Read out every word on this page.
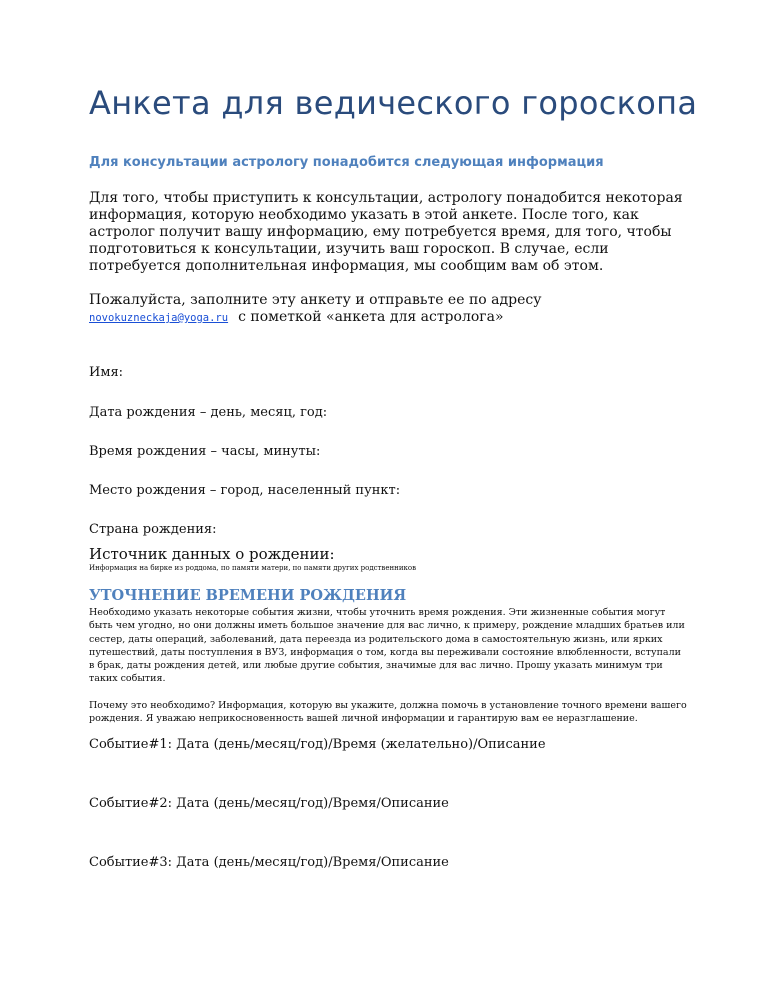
Анкета для ведического гороскопа
Для консультации астрологу понадобится следующая информация

Для того, чтобы приступить к консультации, астрологу понадобится некоторая информация, которую необходимо указать в этой анкете. После того, как астролог получит вашу информацию, ему потребуется время, для того, чтобы подготовиться к консультации, изучить ваш гороскоп. В случае, если потребуется дополнительная информация, мы сообщим вам об этом.

Пожалуйста, заполните эту анкету и отправьте ее по адресу
novokuzneckaja@yoga.ru с пометкой «анкета для астролога»

Имя:

Дата рождения – день, месяц, год:

Время рождения – часы, минуты:

Место рождения – город, населенный пункт:

Страна рождения:

Источник данных о рождении:

Информация на бирке из роддома, по памяти матери, по памяти других родственников

УТОЧНЕНИЕ ВРЕМЕНИ РОЖДЕНИЯ

Необходимо указать некоторые события жизни, чтобы уточнить время рождения. Эти жизненные события могут быть чем угодно, но они должны иметь большое значение для вас лично, к примеру, рождение младших братьев или сестер, даты операций, заболеваний, дата переезда из родительского дома в самостоятельную жизнь, или ярких путешествий, даты поступления в ВУЗ, информация о том, когда вы переживали состояние влюбленности, вступали в брак, даты рождения детей, или любые другие события, значимые для вас лично. Прошу указать минимум три таких события.

Почему это необходимо? Информация, которую вы укажите, должна помочь в установление точного времени вашего рождения. Я уважаю неприкосновенность вашей личной информации и гарантирую вам ее неразглашение.

Событие#1: Дата (день/месяц/год)/Время (желательно)/Описание

Событие#2: Дата (день/месяц/год)/Время/Описание

Событие#3: Дата (день/месяц/год)/Время/Описание
